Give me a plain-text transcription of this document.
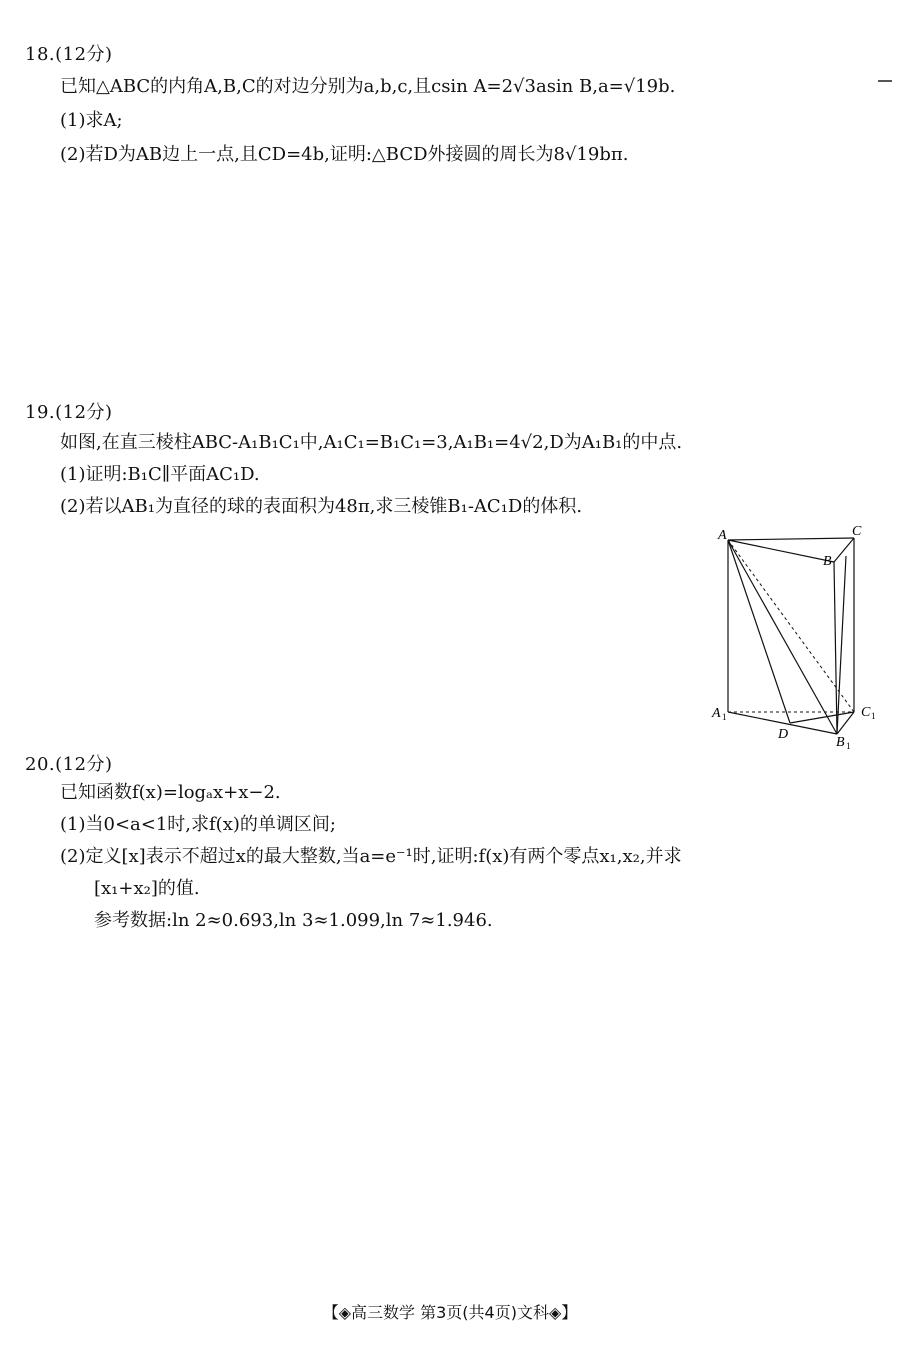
18.(12分)
已知△ABC的内角A,B,C的对边分别为a,b,c,且csin A=2√3asin B,a=√19b.
(1)求A;
(2)若D为AB边上一点,且CD=4b,证明:△BCD外接圆的周长为8√19bπ.
19.(12分)
如图,在直三棱柱ABC-A₁B₁C₁中,A₁C₁=B₁C₁=3,A₁B₁=4√2,D为A₁B₁的中点.
(1)证明:B₁C∥平面AC₁D.
(2)若以AB₁为直径的球的表面积为48π,求三棱锥B₁-AC₁D的体积.
A	C
B
A 1	C 1
B 1
D
20.(12分)
已知函数f(x)=logₐx+x−2.
(1)当0<a<1时,求f(x)的单调区间;
(2)定义[x]表示不超过x的最大整数,当a=e⁻¹时,证明:f(x)有两个零点x₁,x₂,并求
[x₁+x₂]的值.
参考数据:ln 2≈0.693,ln 3≈1.099,ln 7≈1.946.
【◈高三数学 第3页(共4页)文科◈】
